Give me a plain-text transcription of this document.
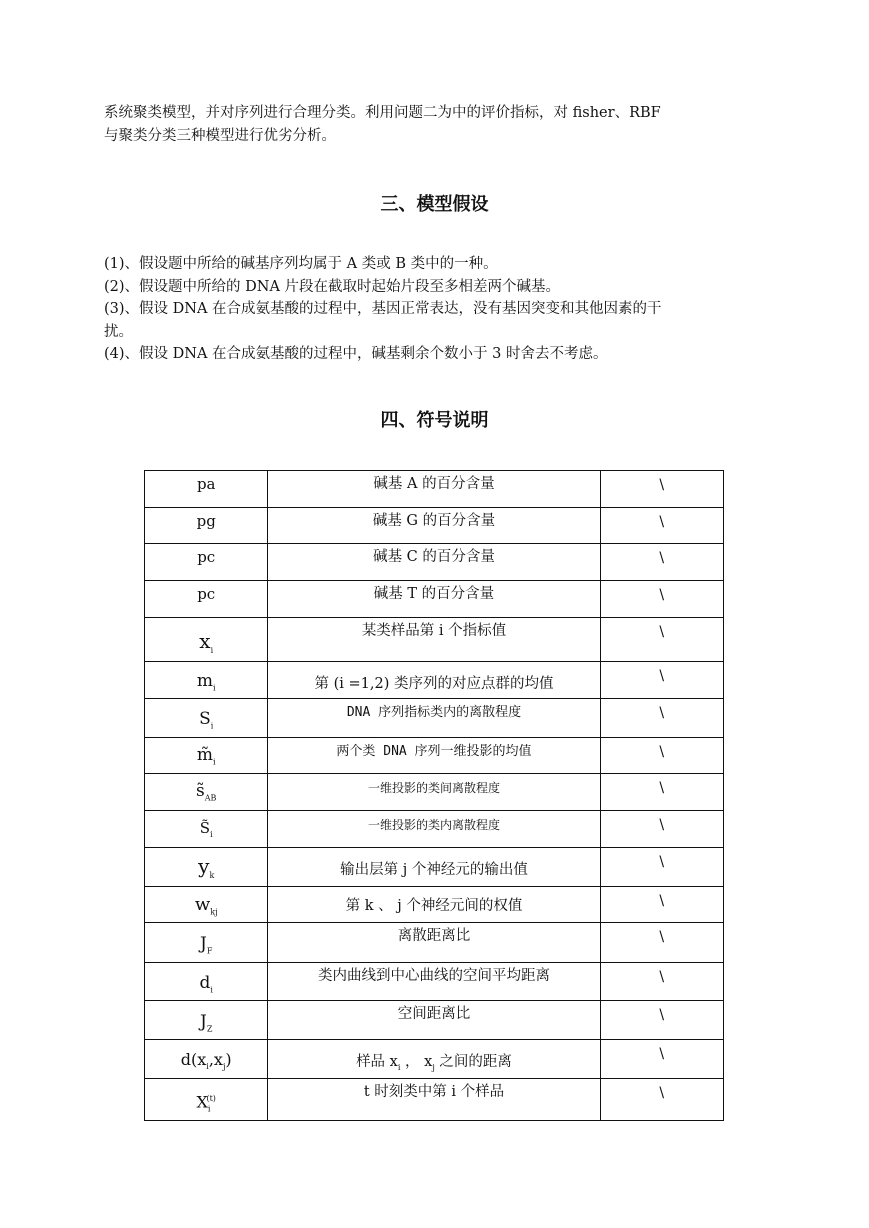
系统聚类模型，并对序列进行合理分类。利用问题二为中的评价指标，对 fisher、RBF
与聚类分类三种模型进行优劣分析。
三、模型假设
(1)、假设题中所给的碱基序列均属于 A 类或 B 类中的一种。
(2)、假设题中所给的 DNA 片段在截取时起始片段至多相差两个碱基。
(3)、假设 DNA 在合成氨基酸的过程中，基因正常表达，没有基因突变和其他因素的干
扰。
(4)、假设 DNA 在合成氨基酸的过程中，碱基剩余个数小于 3 时舍去不考虑。
四、符号说明
pa	碱基 A 的百分含量	\

pg	碱基 G 的百分含量	\

pc	碱基 C 的百分含量	\

pc	碱基 T 的百分含量	\

$x_i$	某类样品第 i 个指标值	\

$m_i$	第 (i =1,2) 类序列的对应点群的均值	\

$S_i$	DNA 序列指标类内的离散程度	\

$m̃_i$	两个类 DNA 序列一维投影的均值	\

$s̃_{AB}$	一维投影的类间离散程度	\

$S̃_i$	一维投影的类内离散程度	\

$y_k$	输出层第 j 个神经元的输出值	\

$w_{kj}$	第 k 、 j 个神经元间的权值	\

$J_F$	离散距离比	\

$d_i$	类内曲线到中心曲线的空间平均距离	\

$J_Z$	空间距离比	\

$d(x_i,x_j)$	样品 $x_i$ ， $x_j$ 之间的距离	\

$X_i^{(t)}$	t 时刻类中第 i 个样品	\
